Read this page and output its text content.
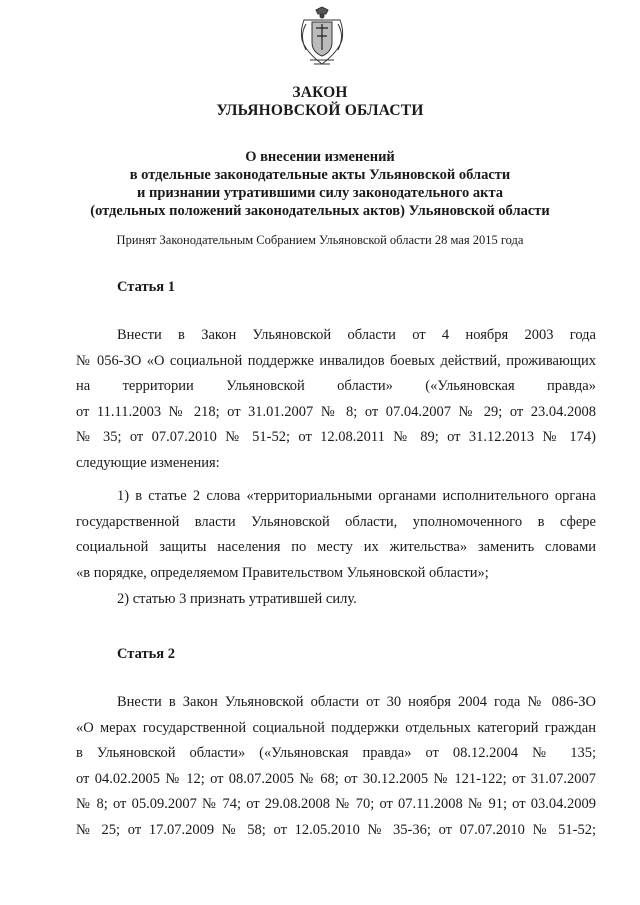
ЗАКОН
УЛЬЯНОВСКОЙ ОБЛАСТИ
О внесении изменений
в отдельные законодательные акты Ульяновской области
и признании утратившими силу законодательного акта
(отдельных положений законодательных актов) Ульяновской области
Принят Законодательным Собранием Ульяновской области 28 мая 2015 года
Статья 1
Внести в Закон Ульяновской области от 4 ноября 2003 года
№ 056-ЗО «О социальной поддержке инвалидов боевых действий, проживающих
на территории Ульяновской области» («Ульяновская правда»
от 11.11.2003 № 218; от 31.01.2007 № 8; от 07.04.2007 № 29; от 23.04.2008
№ 35; от 07.07.2010 № 51-52; от 12.08.2011 № 89; от 31.12.2013 № 174)
следующие изменения:
1) в статье 2 слова «территориальными органами исполнительного органа
государственной власти Ульяновской области, уполномоченного в сфере
социальной защиты населения по месту их жительства» заменить словами
«в порядке, определяемом Правительством Ульяновской области»;
2) статью 3 признать утратившей силу.
Статья 2
Внести в Закон Ульяновской области от 30 ноября 2004 года № 086-ЗО
«О мерах государственной социальной поддержки отдельных категорий граждан
в Ульяновской области» («Ульяновская правда» от 08.12.2004 № 135;
от 04.02.2005 № 12; от 08.07.2005 № 68; от 30.12.2005 № 121-122; от 31.07.2007
№ 8; от 05.09.2007 № 74; от 29.08.2008 № 70; от 07.11.2008 № 91; от 03.04.2009
№ 25; от 17.07.2009 № 58; от 12.05.2010 № 35-36; от 07.07.2010 № 51-52;
